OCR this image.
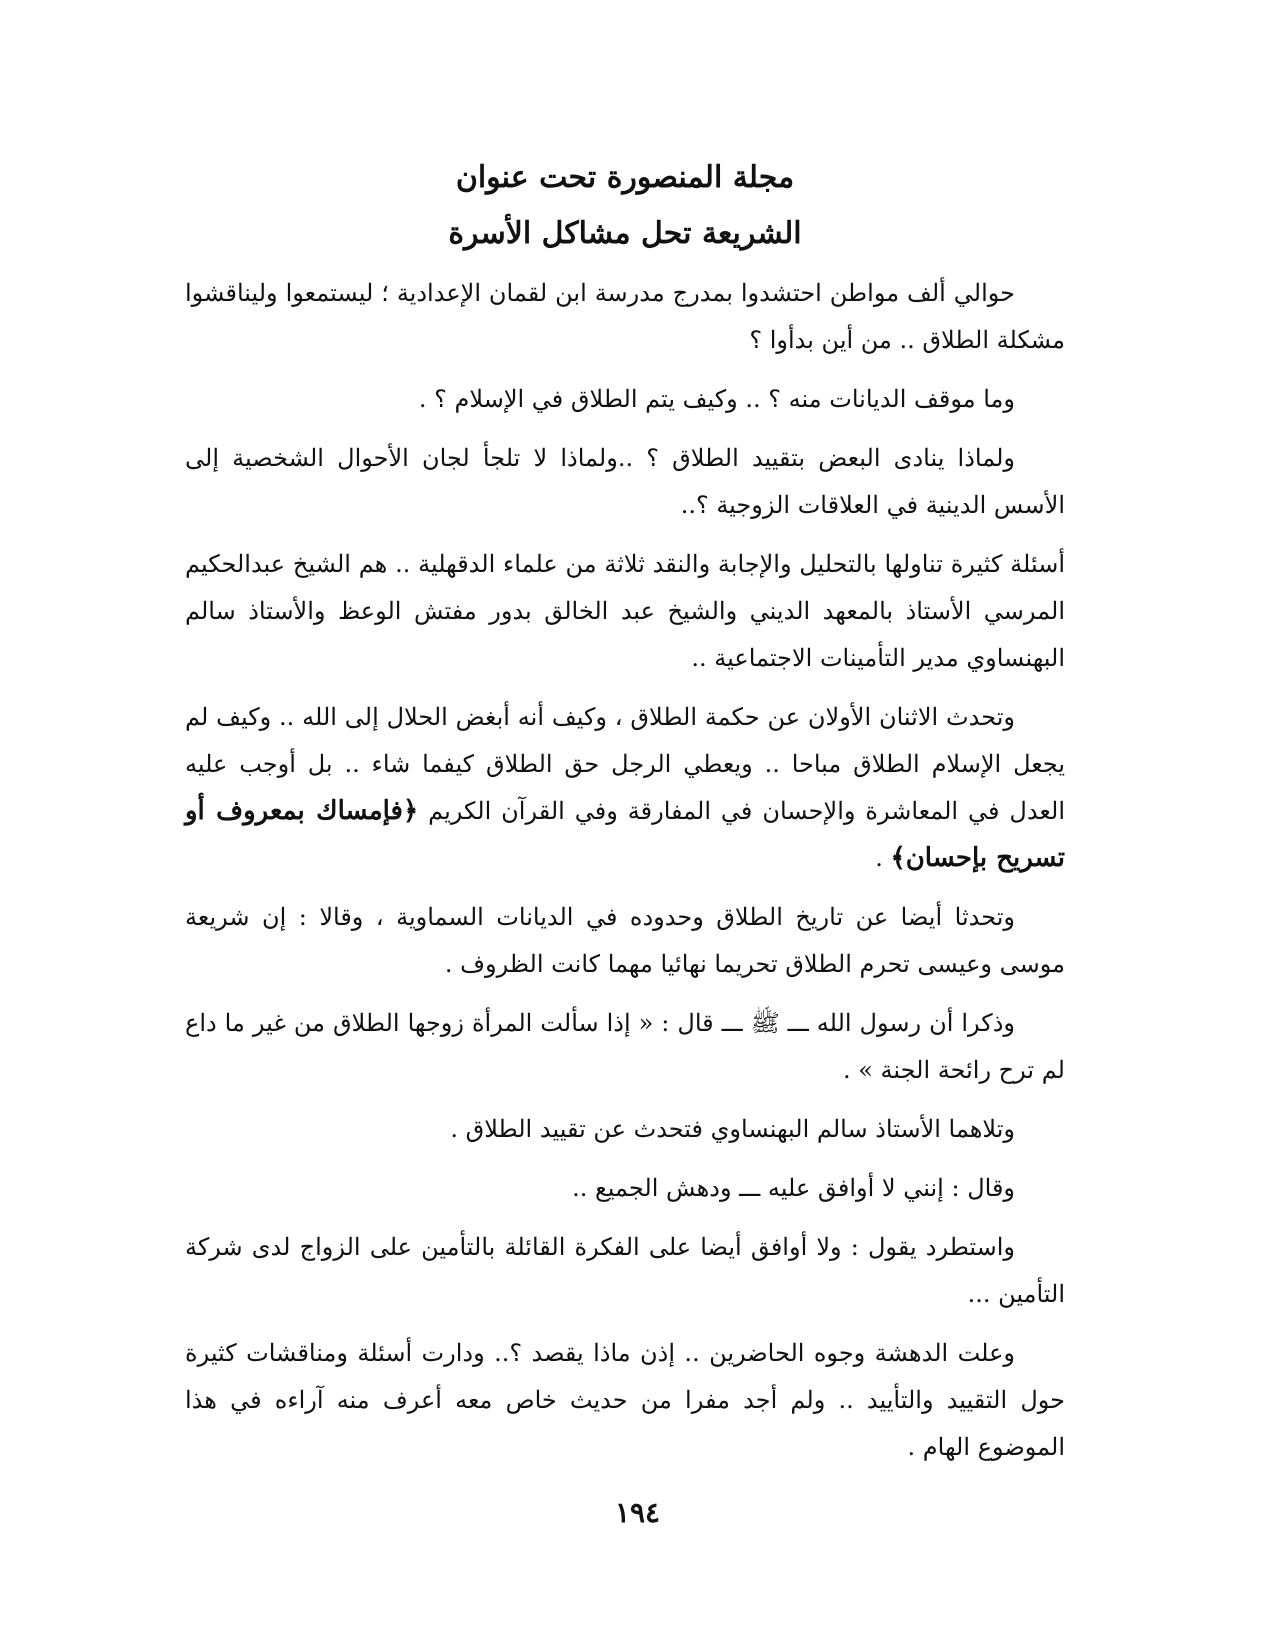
مجلة المنصورة تحت عنوان
الشريعة تحل مشاكل الأسرة

حوالي ألف مواطن احتشدوا بمدرج مدرسة ابن لقمان الإعدادية ؛ ليستمعوا وليناقشوا مشكلة الطلاق .. من أين بدأوا ؟

وما موقف الديانات منه ؟ .. وكيف يتم الطلاق في الإسلام ؟ .

ولماذا ينادى البعض بتقييد الطلاق ؟ ..ولماذا لا تلجأ لجان الأحوال الشخصية إلى الأسس الدينية في العلاقات الزوجية ؟..

أسئلة كثيرة تناولها بالتحليل والإجابة والنقد ثلاثة من علماء الدقهلية .. هم الشيخ عبدالحكيم المرسي الأستاذ بالمعهد الديني والشيخ عبد الخالق بدور مفتش الوعظ والأستاذ سالم البهنساوي مدير التأمينات الاجتماعية ..

وتحدث الاثنان الأولان عن حكمة الطلاق ، وكيف أنه أبغض الحلال إلى الله .. وكيف لم يجعل الإسلام الطلاق مباحا .. ويعطي الرجل حق الطلاق كيفما شاء .. بل أوجب عليه العدل في المعاشرة والإحسان في المفارقة وفي القرآن الكريم ﴿فإمساك بمعروف أو تسريح بإحسان﴾ .

وتحدثا أيضا عن تاريخ الطلاق وحدوده في الديانات السماوية ، وقالا : إن شريعة موسى وعيسى تحرم الطلاق تحريما نهائيا مهما كانت الظروف .

وذكرا أن رسول الله ـــ ﷺ ـــ قال : « إذا سألت المرأة زوجها الطلاق من غير ما داع لم ترح رائحة الجنة » .

وتلاهما الأستاذ سالم البهنساوي فتحدث عن تقييد الطلاق .

وقال : إنني لا أوافق عليه ـــ ودهش الجميع ..

واستطرد يقول : ولا أوافق أيضا على الفكرة القائلة بالتأمين على الزواج لدى شركة التأمين ...

وعلت الدهشة وجوه الحاضرين .. إذن ماذا يقصد ؟.. ودارت أسئلة ومناقشات كثيرة حول التقييد والتأييد .. ولم أجد مفرا من حديث خاص معه أعرف منه آراءه في هذا الموضوع الهام .

١٩٤
